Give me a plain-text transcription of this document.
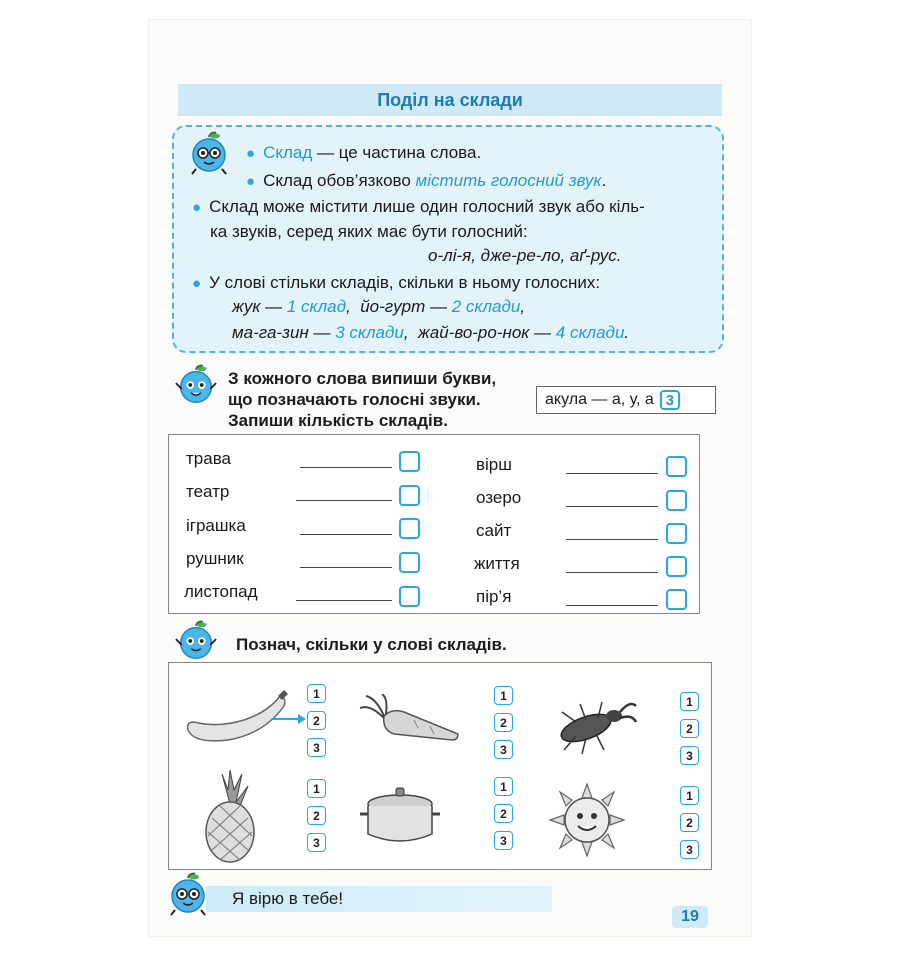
Поділ на склади
● Склад — це частина слова.
● Склад обов’язково містить голосний звук.
● Склад може містити лише один голосний звук або кіль-
ка звуків, серед яких має бути голосний:
о-лі-я, дже-ре-ло, аґ-рус.
● У слові стільки складів, скільки в ньому голосних:
жук — 1 склад, йо-гурт — 2 склади,
ма-га-зин — 3 склади, жай-во-ро-нок — 4 склади.
З кожного слова випиши букви,
що позначають голосні звуки.
Запиши кількість складів.
акула — а, у, а 3
трава
театр
іграшка
рушник
листопад
вірш
озеро
сайт
життя
пір’я
Познач, скільки у слові складів.
1
2
3
1
2
3
1
2
3
1
2
3
1
2
3
1
2
3
Я вірю в тебе!
19
